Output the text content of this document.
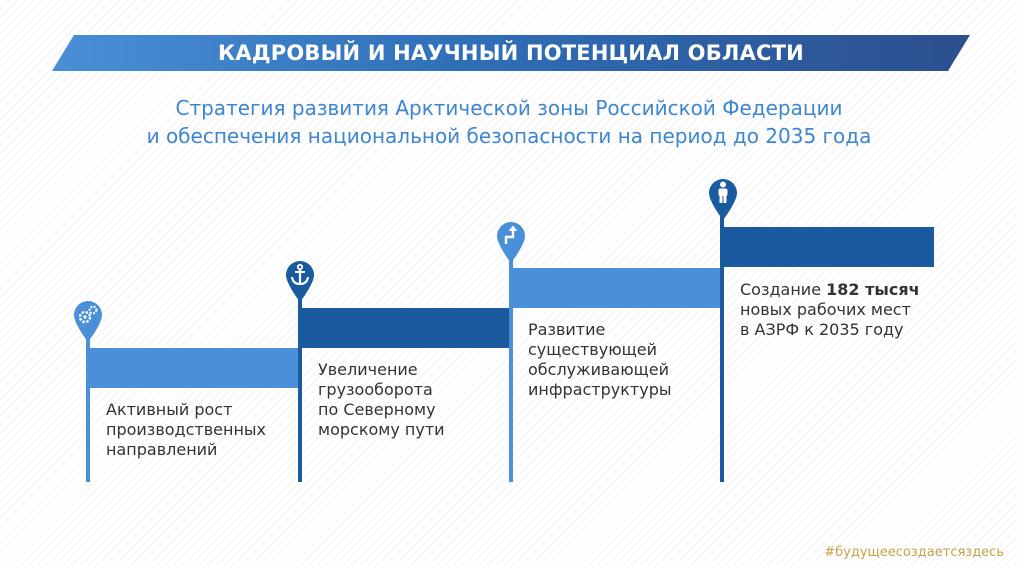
КАДРОВЫЙ И НАУЧНЫЙ ПОТЕНЦИАЛ ОБЛАСТИ
Стратегия развития Арктической зоны Российской Федерации
и обеспечения национальной безопасности на период до 2035 года
Активный рост
производственных
направлений
Увеличение
грузооборота
по Северному
морскому пути
Развитие
существующей
обслуживающей
инфраструктуры
Создание 182 тысяч
новых рабочих мест
в АЗРФ к 2035 году
#будущеесоздаетсяздесь
